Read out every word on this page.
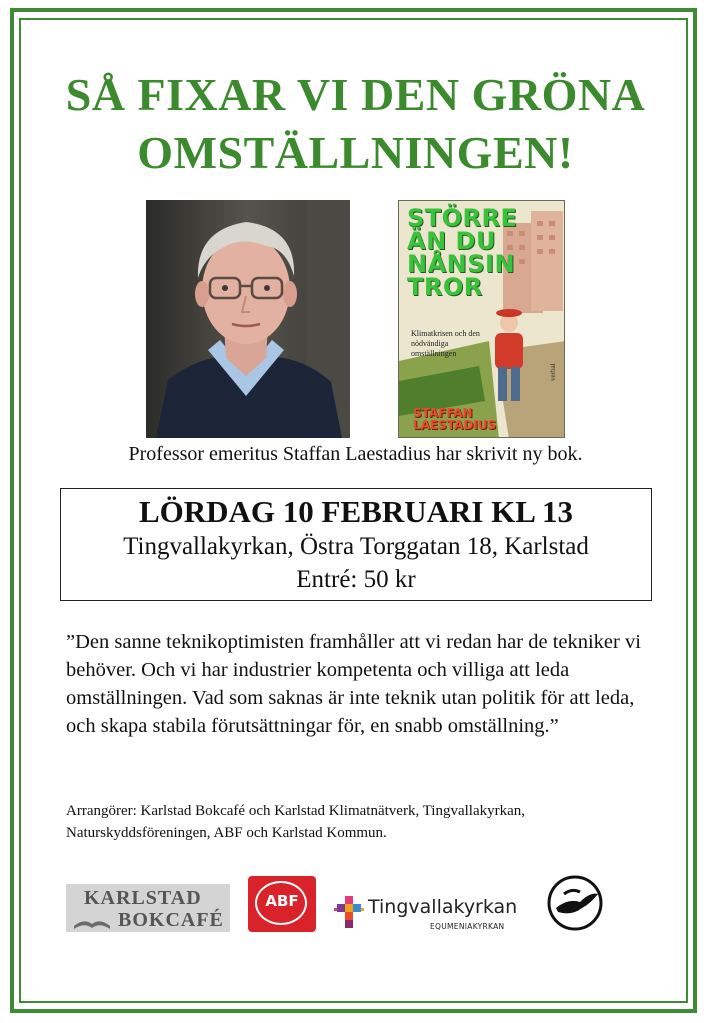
SÅ FIXAR VI DEN GRÖNA
OMSTÄLLNINGEN!
STÖRRE
ÄN DU
NÅNSIN
TROR
Klimatkrisen och den nödvändiga omställningen
STAFFAN
LAESTADIUS
verbal
Professor emeritus Staffan Laestadius har skrivit ny bok.
LÖRDAG 10 FEBRUARI KL 13
Tingvallakyrkan, Östra Torggatan 18, Karlstad
Entré: 50 kr
”Den sanne teknikoptimisten framhåller att vi redan har de tekniker vi behöver. Och vi har industrier kompetenta och villiga att leda omställningen. Vad som saknas är inte teknik utan politik för att leda, och skapa stabila förutsättningar för, en snabb omställning.”
Arrangörer: Karlstad Bokcafé och Karlstad Klimatnätverk, Tingvallakyrkan, Naturskyddsföreningen, ABF och Karlstad Kommun.
KARLSTAD
BOKCAFÉ
ABF	Tingvallakyrkan
EQUMENIAKYRKAN
